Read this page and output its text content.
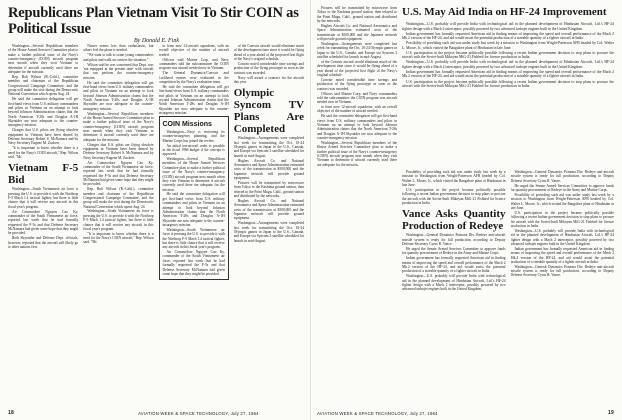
Republicans Plan Vietnam Visit To Stir COIN as Political Issue
By Donald E. Fink

Washington—Several Republican members of the House Armed Services Committee plan to make a further political issue of the Navy's counter-insurgency (COIN) aircraft program next month when they visit Vietnam to determine if aircraft currently used there are adequate for the mission.

Rep. Bob Wilson (R.-Calif.), committee member and chairman of the Republican Congressional Campaign Committee, and the group will make the visit during the Democratic National Convention which opens Aug. 24.

He said the committee delegation will get first-hand views from U.S. military commanders and pilots in Vietnam on an attempt to look beyond Johnson Administration claims that the North American T-28s and Douglas A-1H Skyraider are now adequate to the counter-insurgency mission.

Charges that U.S. pilots are flying obsolete equipment in Vietnam have been denied by Defense Secretary Robert S. McNamara and by Navy Secretary Eugene M. Zuckert.

"It is important to know whether there is a need for the Navy's COIN aircraft," Rep. Wilson said. "Mr.

Vietnam F-5 Bid

Washington—South Vietnamese air force is pressing the U.S. to provide it with the Northrop F-5 Mach 1.4 tactical fighter, but there is little chance that it will receive any aircraft in this fiscal year's program.

Air Commodore Nguyen Cao Ky, commander of the South Vietnamese air force, reported last week that he had formally requested the F-5s and that Defense Secretary McNamara had given some hope that they might be provided.

Both Skyraider and Defense Dept. officials, however, reported that the aircraft will likely go to other nations first.

Nasser seems less than enthusiastic, but others feel the plane is needed.

"We want to talk to some young commanders and pilots and walk on carriers the situation."

Wilson said he was concerned that Dept. was 'not equipped at the present time' with aircraft that can perform the counter-insurgency mission.

He said the committee delegation will get first-hand views from U.S. military commanders and pilots in Vietnam on an attempt to look beyond Johnson Administration claims that the North American T-28s and Douglas A-1H Skyraider are now adequate to the counter-insurgency mission.

Washington—Several Republican members of the House Armed Services Committee plan to make a further political issue of the Navy's counter-insurgency (COIN) aircraft program next month when they visit Vietnam to determine if aircraft currently used there are adequate for the mission.

Charges that U.S. pilots are flying obsolete equipment in Vietnam have been denied by Defense Secretary Robert S. McNamara and by Navy Secretary Eugene M. Zuckert.

Air Commodore Nguyen Cao Ky, commander of the South Vietnamese air force, reported last week that he had formally requested the F-5s and that Defense Secretary McNamara had given some hope that they might be provided.

Rep. Bob Wilson (R.-Calif.), committee member and chairman of the Republican Congressional Campaign Committee, and the group will make the visit during the Democratic National Convention which opens Aug. 24.

Washington—South Vietnamese air force is pressing the U.S. to provide it with the Northrop F-5 Mach 1.4 tactical fighter, but there is little chance that it will receive any aircraft in this fiscal year's program.

"It is important to know whether there is a need for the Navy's COIN aircraft," Rep. Wilson said. "Mr.

to form now 12-aircraft squadrons, with an overall objective of the number of aircraft needed.

Officers said Marine Corp. and Navy commanders told the subcommittee the COIN program was aircraft needed now in Vietnam.

The General Dynamics/Convair and Lockheed entries were evaluated in the competition by the Navy's evaluation team.

He said the committee delegation will get first-hand views from U.S. military commanders and pilots in Vietnam on an attempt to look beyond Johnson Administration claims that the North American T-28s and Douglas A-1H Skyraider are now adequate to the counter-insurgency mission.

COIN Missions

Washington—Navy is reviewing its counter-insurgency planning, and the Marine Corps has joined the review.

An initial ten-aircraft order is possible in the fiscal 1966 budget if the concept is approved.

Washington—Several Republican members of the House Armed Services Committee plan to make a further political issue of the Navy's counter-insurgency (COIN) aircraft program next month when they visit Vietnam to determine if aircraft currently used there are adequate for the mission.

He said the committee delegation will get first-hand views from U.S. military commanders and pilots in Vietnam on an attempt to look beyond Johnson Administration claims that the North American T-28s and Douglas A-1H Skyraider are now adequate to the counter-insurgency mission.

Washington—South Vietnamese air force is pressing the U.S. to provide it with the Northrop F-5 Mach 1.4 tactical fighter, but there is little chance that it will receive any aircraft in this fiscal year's program.

Air Commodore Nguyen Cao Ky, commander of the South Vietnamese air force, reported last week that he had formally requested the F-5s and that Defense Secretary McNamara had given some hope that they might be provided.

of the Convair aircraft would eliminate much of the development time since it would be flying ahead of a year ahead of the projected first flight of the Navy's original schedule.

Convair noted considerable time savings and production of the flying prototype as soon as the contract was awarded.

Navy will award a contract for the aircraft this year.

Olympic Syncom TV Plans Are Completed

Washington—Arrangements were completed last week for transmitting the Oct. 10-24 Olympic games in Japan to the U.S., Canada, and Europe via Syncom 3 satellite scheduled for launch in mid-August.

Hughes Aircraft Co. and National Aeronautics and Space Administration estimated costs of the transmission at $500,000 and the Japanese network will provide ground equipment.

Pictures will be transmitted by microwave from Tokyo to the Kashima ground station, then relayed to the Point Mugu, Calif., ground station and distributed by the networks.

Hughes Aircraft Co. and National Aeronautics and Space Administration estimated costs of the transmission at $500,000 and the Japanese network will provide ground equipment.

Washington—Arrangements were completed last week for transmitting the Oct. 10-24 Olympic games in Japan to the U.S., Canada, and Europe via Syncom 3 satellite scheduled for launch in mid-August.

U.S. May Aid India on HF-24 Improvement

Washington—U.S. probably will provide India with technological aid in the planned development of Hindustan Aircraft, Ltd.'s HF-24 fighter design with a Mach 2 interceptor, possibly powered by two advanced turbojet engines built in the United Kingdom.

Indian government has formally requested American aid in finding means of improving the speed and overall performance of the Mach 2 Mk.2 version of the HF-24, and aid would assist the potential production of a sizeable quantity of a fighter aircraft in India.

Possibility of providing such aid was under study last week by a mission to Washington from Wright-Patterson AFB headed by Col. Walter L. Moore, Jr., which visited the Bangalore plant of Hindustan in late June.

U.S. participation in the project became politically possible following a recent Indian government decision to stop plans to procure the aircraft with the Soviet-built Mikoyan MiG-21 Fishbed for licence production in India.

Washington—U.S. probably will provide India with technological aid in the planned development of Hindustan Aircraft, Ltd.'s HF-24 fighter design with a Mach 2 interceptor, possibly powered by two advanced turbojet engines built in the United Kingdom.

Indian government has formally requested American aid in finding means of improving the speed and overall performance of the Mach 2 Mk.2 version of the HF-24, and aid would assist the potential production of a sizeable quantity of a fighter aircraft in India.

U.S. participation in the project became politically possible following a recent Indian government decision to stop plans to procure the aircraft with the Soviet-built Mikoyan MiG-21 Fishbed for licence production in India.

Pictures will be transmitted by microwave from Tokyo to the Kashima ground station, then relayed to the Point Mugu, Calif., ground station and distributed by the networks.

Hughes Aircraft Co. and National Aeronautics and Space Administration estimated costs of the transmission at $500,000 and the Japanese network will provide ground equipment.

Washington—Arrangements were completed last week for transmitting the Oct. 10-24 Olympic games in Japan to the U.S., Canada, and Europe via Syncom 3 satellite scheduled for launch in mid-August.

of the Convair aircraft would eliminate much of the development time since it would be flying ahead of a year ahead of the projected first flight of the Navy's original schedule.

Convair noted considerable time savings and production of the flying prototype as soon as the contract was awarded.

Officers said Marine Corp. and Navy commanders told the subcommittee the COIN program was aircraft needed now in Vietnam.

to form now 12-aircraft squadrons, with an overall objective of the number of aircraft needed.

He said the committee delegation will get first-hand views from U.S. military commanders and pilots in Vietnam on an attempt to look beyond Johnson Administration claims that the North American T-28s and Douglas A-1H Skyraider are now adequate to the counter-insurgency mission.

Washington—Several Republican members of the House Armed Services Committee plan to make a further political issue of the Navy's counter-insurgency (COIN) aircraft program next month when they visit Vietnam to determine if aircraft currently used there are adequate for the mission.

Possibility of providing such aid was under study last week by a mission to Washington from Wright-Patterson AFB headed by Col. Walter L. Moore, Jr., which visited the Bangalore plant of Hindustan in late June.

U.S. participation in the project became politically possible following a recent Indian government decision to stop plans to procure the aircraft with the Soviet-built Mikoyan MiG-21 Fishbed for licence production in India.

Vance Asks Quantity Production of Redeye

Washington—General Dynamics Pomona Div. Redeye anti-aircraft missile system is ready for full production, according to Deputy Defense Secretary Cyrus R. Vance.

He urged the Senate Armed Services Committee to approve funds for quantity procurement of Redeye in the Army and Marine Corps.

Indian government has formally requested American aid in finding means of improving the speed and overall performance of the Mach 2 Mk.2 version of the HF-24, and aid would assist the potential production of a sizeable quantity of a fighter aircraft in India.

Washington—U.S. probably will provide India with technological aid in the planned development of Hindustan Aircraft, Ltd.'s HF-24 fighter design with a Mach 2 interceptor, possibly powered by two advanced turbojet engines built in the United Kingdom.

Washington—General Dynamics Pomona Div. Redeye anti-aircraft missile system is ready for full production, according to Deputy Defense Secretary Cyrus R. Vance.

He urged the Senate Armed Services Committee to approve funds for quantity procurement of Redeye in the Army and Marine Corps.

Possibility of providing such aid was under study last week by a mission to Washington from Wright-Patterson AFB headed by Col. Walter L. Moore, Jr., which visited the Bangalore plant of Hindustan in late June.

U.S. participation in the project became politically possible following a recent Indian government decision to stop plans to procure the aircraft with the Soviet-built Mikoyan MiG-21 Fishbed for licence production in India.

Washington—U.S. probably will provide India with technological aid in the planned development of Hindustan Aircraft, Ltd.'s HF-24 fighter design with a Mach 2 interceptor, possibly powered by two advanced turbojet engines built in the United Kingdom.

Indian government has formally requested American aid in finding means of improving the speed and overall performance of the Mach 2 Mk.2 version of the HF-24, and aid would assist the potential production of a sizeable quantity of a fighter aircraft in India.

Washington—General Dynamics Pomona Div. Redeye anti-aircraft missile system is ready for full production, according to Deputy Defense Secretary Cyrus R. Vance.

18	AVIATION WEEK & SPACE TECHNOLOGY, July 27, 1964	AVIATION WEEK & SPACE TECHNOLOGY, July 27, 1964	19
